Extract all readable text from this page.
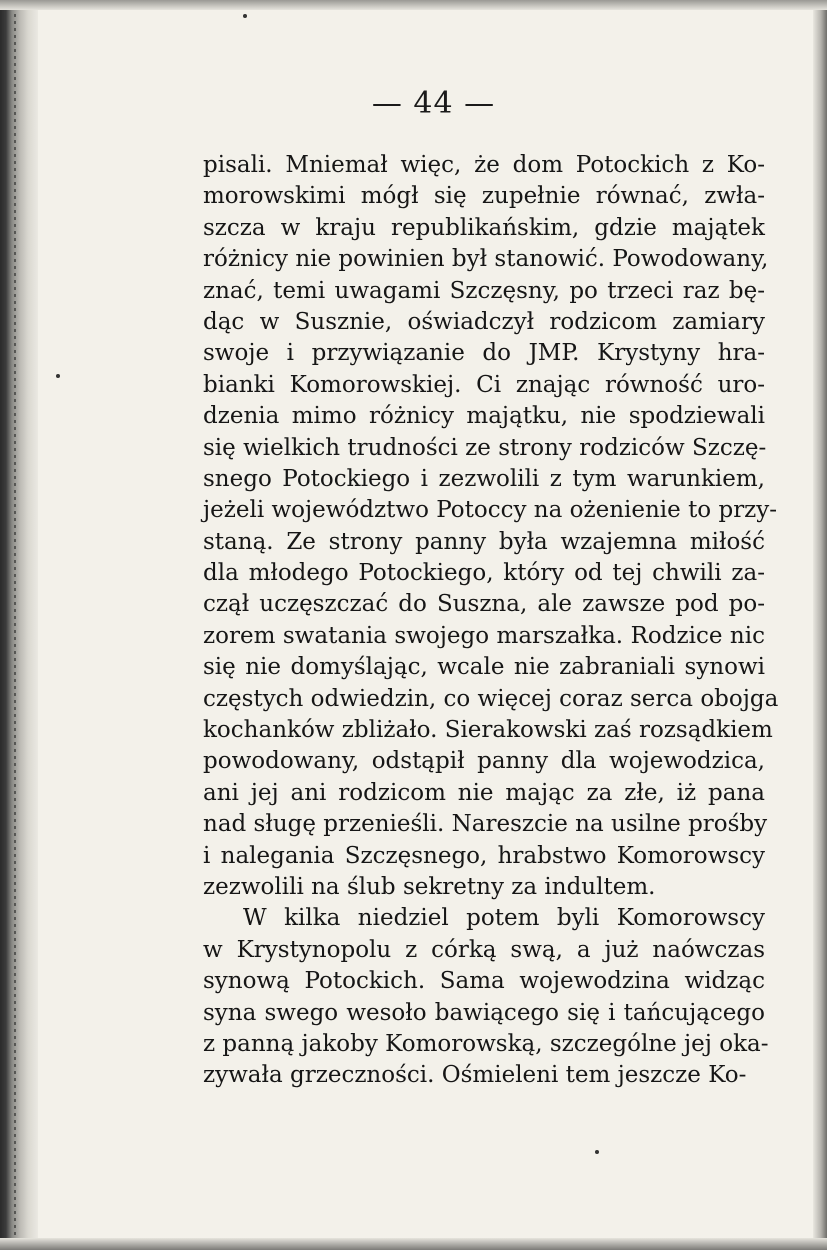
— 44 —
pisali. Mniemał więc, że dom Potockich z Ko-
morowskimi mógł się zupełnie równać, zwła-
szcza w kraju republikańskim, gdzie majątek
różnicy nie powinien był stanowić. Powodowany,
znać, temi uwagami Szczęsny, po trzeci raz bę-
dąc w Susznie, oświadczył rodzicom zamiary
swoje i przywiązanie do JMP. Krystyny hra-
bianki Komorowskiej. Ci znając równość uro-
dzenia mimo różnicy majątku, nie spodziewali
się wielkich trudności ze strony rodziców Szczę-
snego Potockiego i zezwolili z tym warunkiem,
jeżeli województwo Potoccy na ożenienie to przy-
staną. Ze strony panny była wzajemna miłość
dla młodego Potockiego, który od tej chwili za-
czął uczęszczać do Suszna, ale zawsze pod po-
zorem swatania swojego marszałka. Rodzice nic
się nie domyślając, wcale nie zabraniali synowi
częstych odwiedzin, co więcej coraz serca obojga
kochanków zbliżało. Sierakowski zaś rozsądkiem
powodowany, odstąpił panny dla wojewodzica,
ani jej ani rodzicom nie mając za złe, iż pana
nad sługę przenieśli. Nareszcie na usilne prośby
i nalegania Szczęsnego, hrabstwo Komorowscy
zezwolili na ślub sekretny za indultem.
W kilka niedziel potem byli Komorowscy
w Krystynopolu z córką swą, a już naówczas
synową Potockich. Sama wojewodzina widząc
syna swego wesoło bawiącego się i tańcującego
z panną jakoby Komorowską, szczególne jej oka-
zywała grzeczności. Ośmieleni tem jeszcze Ko-
